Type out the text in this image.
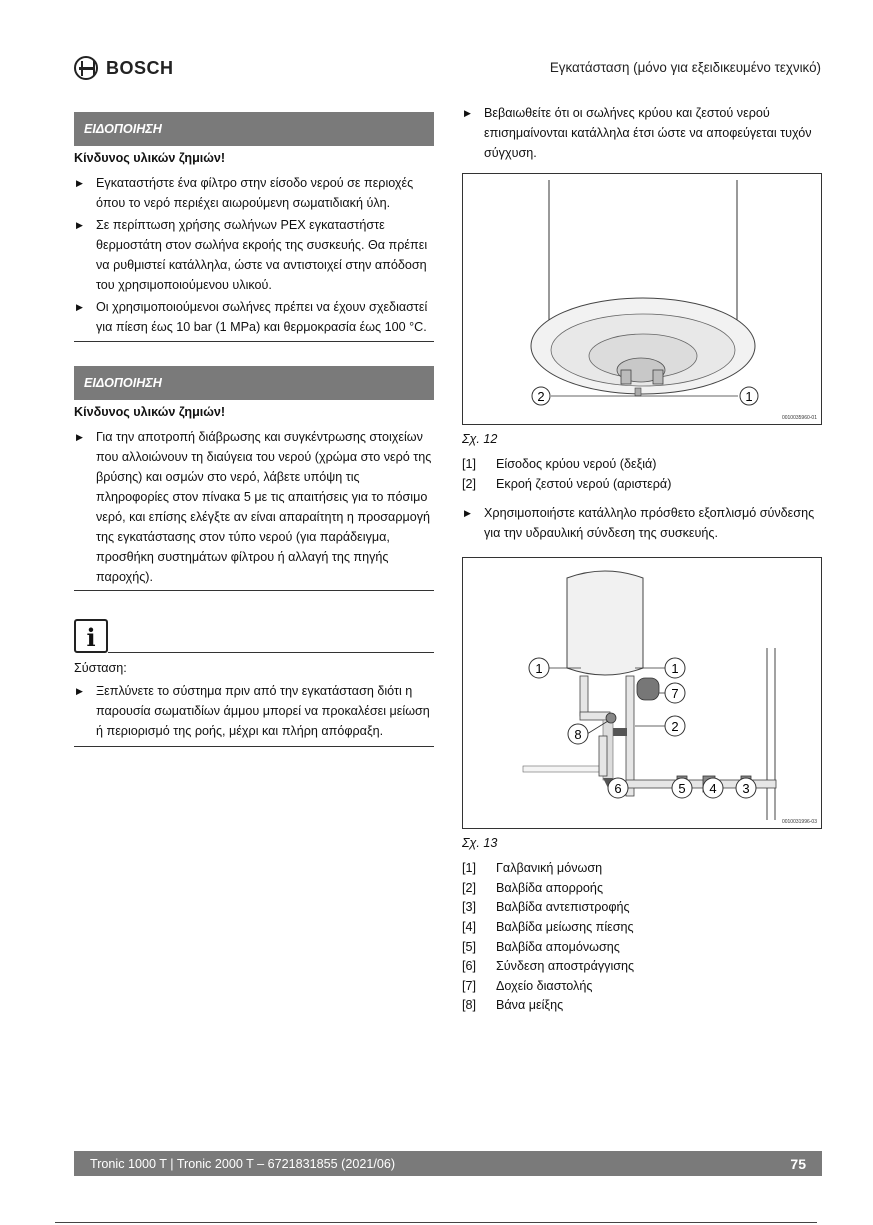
BOSCH	Εγκατάσταση (μόνο για εξειδικευμένο τεχνικό)
ΕΙΔΟΠΟΙΗΣΗ
Κίνδυνος υλικών ζημιών!
▶ Εγκαταστήστε ένα φίλτρο στην είσοδο νερού σε περιοχές όπου το νερό περιέχει αιωρούμενη σωματιδιακή ύλη.
▶ Σε περίπτωση χρήσης σωλήνων PEX εγκαταστήστε θερμοστάτη στον σωλήνα εκροής της συσκευής. Θα πρέπει να ρυθμιστεί κατάλληλα, ώστε να αντιστοιχεί στην απόδοση του χρησιμοποιούμενου υλικού.
▶ Οι χρησιμοποιούμενοι σωλήνες πρέπει να έχουν σχεδιαστεί για πίεση έως 10 bar (1 MPa) και θερμοκρασία έως 100 °C.
ΕΙΔΟΠΟΙΗΣΗ
Κίνδυνος υλικών ζημιών!
▶ Για την αποτροπή διάβρωσης και συγκέντρωσης στοιχείων που αλλοιώνουν τη διαύγεια του νερού (χρώμα στο νερό της βρύσης) και οσμών στο νερό, λάβετε υπόψη τις πληροφορίες στον πίνακα 5 με τις απαιτήσεις για το πόσιμο νερό, και επίσης ελέγξτε αν είναι απαραίτητη η προσαρμογή της εγκατάστασης στον τύπο νερού (για παράδειγμα, προσθήκη συστημάτων φίλτρου ή αλλαγή της πηγής παροχής).
i
Σύσταση:
▶ Ξεπλύνετε το σύστημα πριν από την εγκατάσταση διότι η παρουσία σωματιδίων άμμου μπορεί να προκαλέσει μείωση ή περιορισμό της ροής, μέχρι και πλήρη απόφραξη.
▶ Βεβαιωθείτε ότι οι σωλήνες κρύου και ζεστού νερού επισημαίνονται κατάλληλα έτσι ώστε να αποφεύγεται τυχόν σύγχυση.
2	1
0010035960-01
Σχ. 12
[1]	Είσοδος κρύου νερού (δεξιά)
[2]	Εκροή ζεστού νερού (αριστερά)
▶ Χρησιμοποιήστε κατάλληλο πρόσθετο εξοπλισμό σύνδεσης για την υδραυλική σύνδεση της συσκευής.
1	1
7
2
8
6	5 4 3
0010031996-03
Σχ. 13
[1]	Γαλβανική μόνωση
[2]	Βαλβίδα απορροής
[3]	Βαλβίδα αντεπιστροφής
[4]	Βαλβίδα μείωσης πίεσης
[5]	Βαλβίδα απομόνωσης
[6]	Σύνδεση αποστράγγισης
[7]	Δοχείο διαστολής
[8]	Βάνα μείξης
Tronic 1000 T | Tronic 2000 T – 6721831855 (2021/06)	75
